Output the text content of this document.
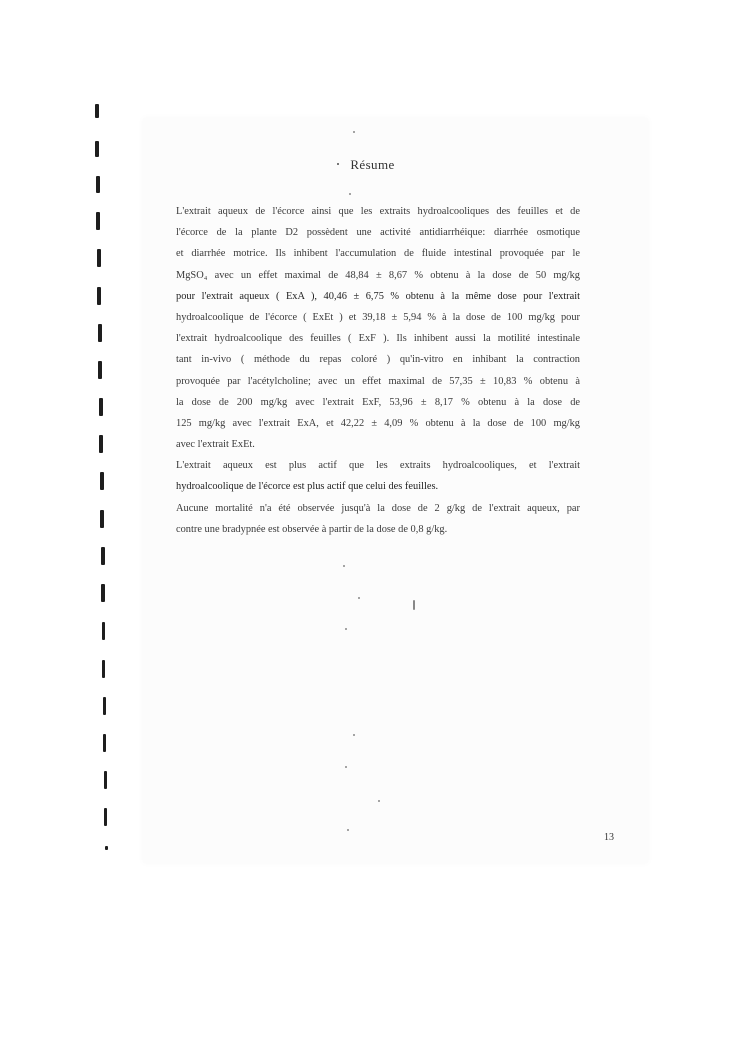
Résume
L'extrait aqueux de l'écorce ainsi que les extraits hydroalcooliques des feuilles et de
l'écorce de la plante D2 possèdent une activité antidiarrhéique: diarrhée osmotique
et diarrhée motrice. Ils inhibent l'accumulation de fluide intestinal provoquée par le
MgSO₄ avec un effet maximal de 48,84 ± 8,67 % obtenu à la dose de 50 mg/kg
pour l'extrait aqueux ( ExA ), 40,46 ± 6,75 % obtenu à la même dose pour l'extrait
hydroalcoolique de l'écorce ( ExEt ) et 39,18 ± 5,94 % à la dose de 100 mg/kg pour
l'extrait hydroalcoolique des feuilles ( ExF ). Ils inhibent aussi la motilité intestinale
tant in-vivo ( méthode du repas coloré ) qu'in-vitro en inhibant la contraction
provoquée par l'acétylcholine; avec un effet maximal de 57,35 ± 10,83 % obtenu à
la dose de 200 mg/kg avec l'extrait ExF, 53,96 ± 8,17 % obtenu à la dose de
125 mg/kg avec l'extrait ExA, et 42,22 ± 4,09 % obtenu à la dose de 100 mg/kg
avec l'extrait ExEt.
L'extrait aqueux est plus actif que les extraits hydroalcooliques, et l'extrait
hydroalcoolique de l'écorce est plus actif que celui des feuilles.
Aucune mortalité n'a été observée jusqu'à la dose de 2 g/kg de l'extrait aqueux, par
contre une bradypnée est observée à partir de la dose de 0,8 g/kg.
13
